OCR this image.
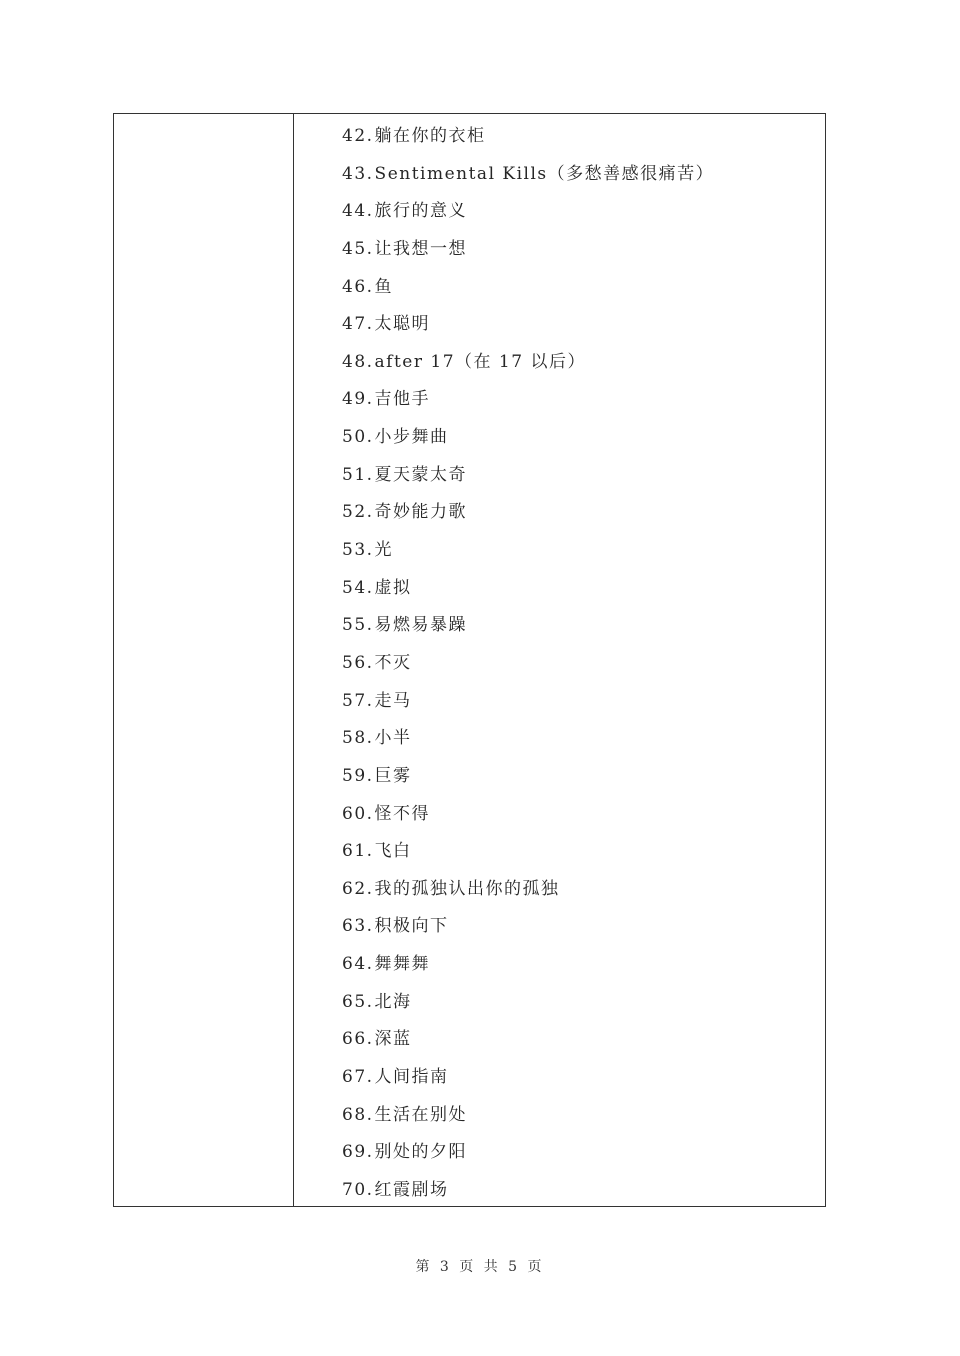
42.躺在你的衣柜
43.Sentimental Kills（多愁善感很痛苦）
44.旅行的意义
45.让我想一想
46.鱼
47.太聪明
48.after 17（在 17 以后）
49.吉他手
50.小步舞曲
51.夏天蒙太奇
52.奇妙能力歌
53.光
54.虚拟
55.易燃易暴躁
56.不灭
57.走马
58.小半
59.巨雾
60.怪不得
61.飞白
62.我的孤独认出你的孤独
63.积极向下
64.舞舞舞
65.北海
66.深蓝
67.人间指南
68.生活在别处
69.别处的夕阳
70.红霞剧场
第 3 页 共 5 页
